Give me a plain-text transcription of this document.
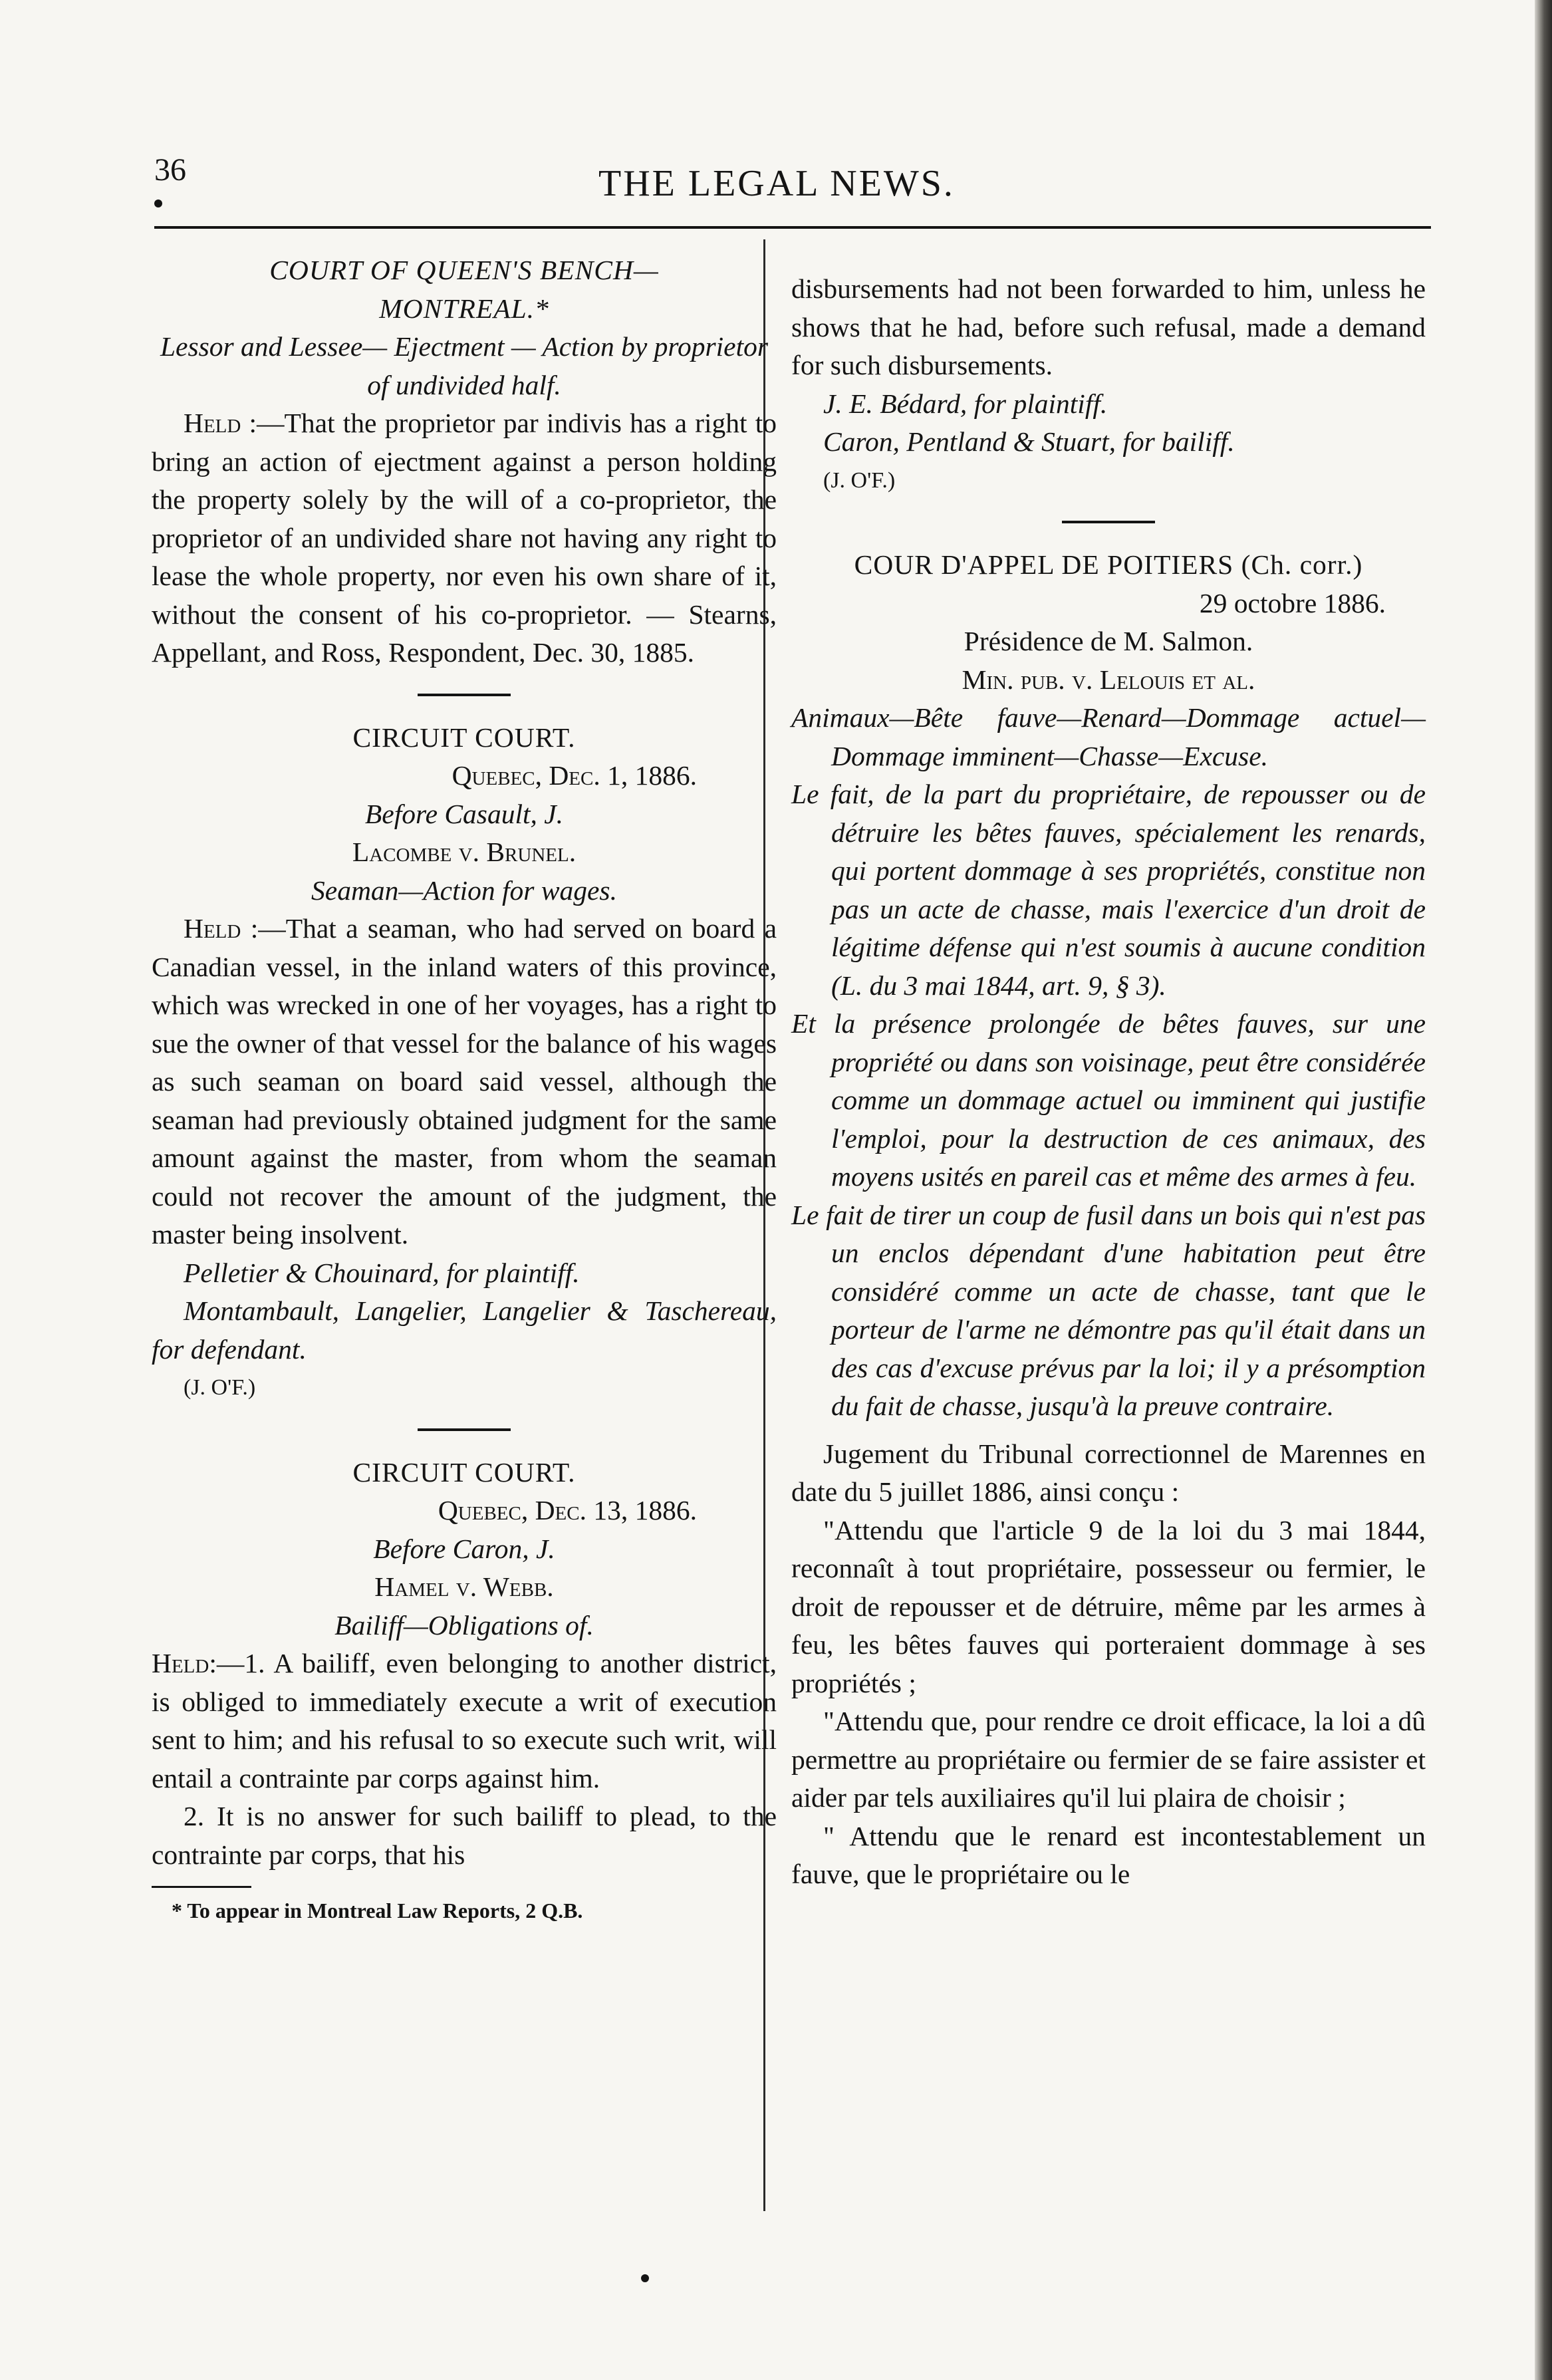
36	THE LEGAL NEWS.
COURT OF QUEEN'S BENCH—
MONTREAL.*
Lessor and Lessee— Ejectment — Action by proprietor of undivided half.

Held :—That the proprietor par indivis has a right to bring an action of ejectment against a person holding the property solely by the will of a co-proprietor, the proprietor of an undivided share not having any right to lease the whole property, nor even his own share of it, without the consent of his co-proprietor. — Stearns, Appellant, and Ross, Respondent, Dec. 30, 1885.

CIRCUIT COURT.
Quebec, Dec. 1, 1886.
Before Casault, J.
Lacombe v. Brunel.
Seaman—Action for wages.

Held :—That a seaman, who had served on board a Canadian vessel, in the inland waters of this province, which was wrecked in one of her voyages, has a right to sue the owner of that vessel for the balance of his wages as such seaman on board said vessel, although the seaman had previously obtained judgment for the same amount against the master, from whom the seaman could not recover the amount of the judgment, the master being insolvent.

Pelletier & Chouinard, for plaintiff.
Montambault, Langelier, Langelier & Taschereau, for defendant.
(J. O'F.)
CIRCUIT COURT.
Quebec, Dec. 13, 1886.
Before Caron, J.
Hamel v. Webb.
Bailiff—Obligations of.

Held:—1. A bailiff, even belonging to another district, is obliged to immediately execute a writ of execution sent to him; and his refusal to so execute such writ, will entail a contrainte par corps against him.

2. It is no answer for such bailiff to plead, to the contrainte par corps, that his

* To appear in Montreal Law Reports, 2 Q.B.

disbursements had not been forwarded to him, unless he shows that he had, before such refusal, made a demand for such disbursements.

J. E. Bédard, for plaintiff.
Caron, Pentland & Stuart, for bailiff.
(J. O'F.)
COUR D'APPEL DE POITIERS (Ch. corr.)
29 octobre 1886.
Présidence de M. Salmon.
Min. pub. v. Lelouis et al.
Animaux—Bête fauve—Renard—Dommage actuel—Dommage imminent—Chasse—Excuse.
Le fait, de la part du propriétaire, de repousser ou de détruire les bêtes fauves, spécialement les renards, qui portent dommage à ses propriétés, constitue non pas un acte de chasse, mais l'exercice d'un droit de légitime défense qui n'est soumis à aucune condition (L. du 3 mai 1844, art. 9, § 3).
Et la présence prolongée de bêtes fauves, sur une propriété ou dans son voisinage, peut être considérée comme un dommage actuel ou imminent qui justifie l'emploi, pour la destruction de ces animaux, des moyens usités en pareil cas et même des armes à feu.
Le fait de tirer un coup de fusil dans un bois qui n'est pas un enclos dépendant d'une habitation peut être considéré comme un acte de chasse, tant que le porteur de l'arme ne démontre pas qu'il était dans un des cas d'excuse prévus par la loi; il y a présomption du fait de chasse, jusqu'à la preuve contraire.

Jugement du Tribunal correctionnel de Marennes en date du 5 juillet 1886, ainsi conçu :

"Attendu que l'article 9 de la loi du 3 mai 1844, reconnaît à tout propriétaire, possesseur ou fermier, le droit de repousser et de détruire, même par les armes à feu, les bêtes fauves qui porteraient dommage à ses propriétés ;

"Attendu que, pour rendre ce droit efficace, la loi a dû permettre au propriétaire ou fermier de se faire assister et aider par tels auxiliaires qu'il lui plaira de choisir ;

" Attendu que le renard est incontestablement un fauve, que le propriétaire ou le
